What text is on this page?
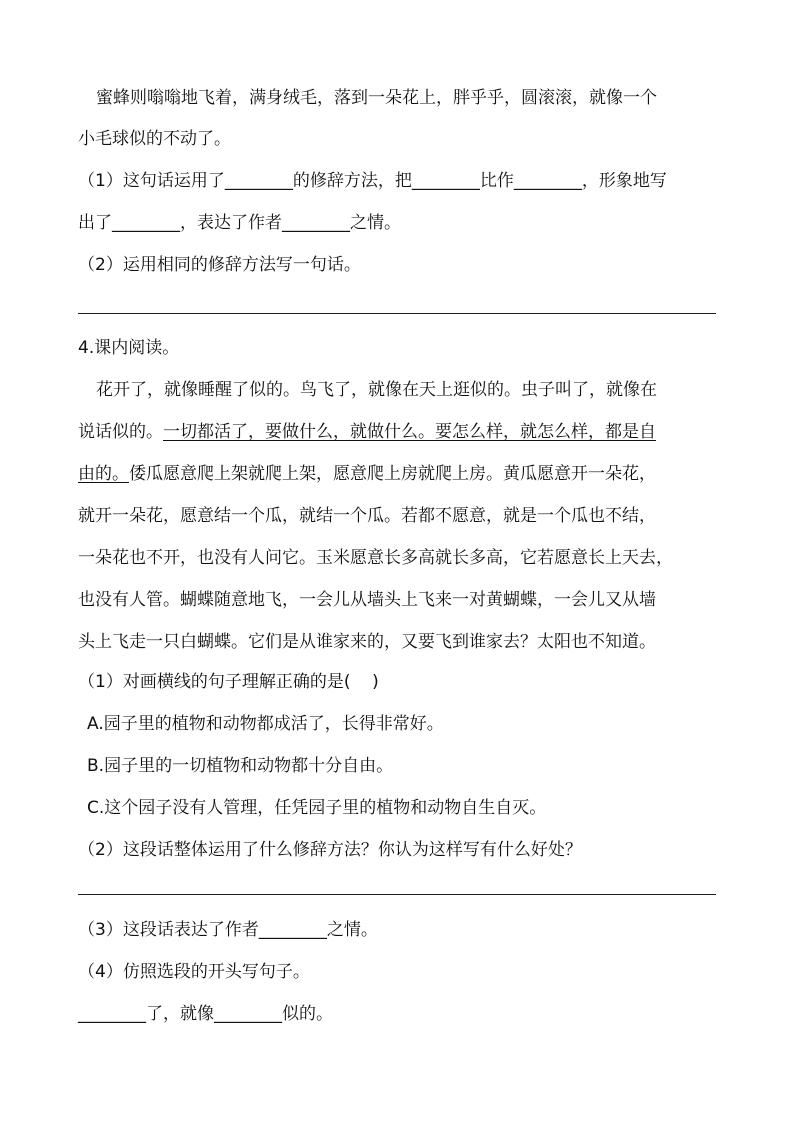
蜜蜂则嗡嗡地飞着，满身绒毛，落到一朵花上，胖乎乎，圆滚滚，就像一个
小毛球似的不动了。
（1）这句话运用了________的修辞方法，把________比作________，形象地写
出了________，表达了作者________之情。
（2）运用相同的修辞方法写一句话。
4.课内阅读。
花开了，就像睡醒了似的。鸟飞了，就像在天上逛似的。虫子叫了，就像在
说话似的。一切都活了，要做什么，就做什么。要怎么样，就怎么样，都是自
由的。倭瓜愿意爬上架就爬上架，愿意爬上房就爬上房。黄瓜愿意开一朵花，
就开一朵花，愿意结一个瓜，就结一个瓜。若都不愿意，就是一个瓜也不结，
一朵花也不开，也没有人问它。玉米愿意长多高就长多高，它若愿意长上天去，
也没有人管。蝴蝶随意地飞，一会儿从墙头上飞来一对黄蝴蝶，一会儿又从墙
头上飞走一只白蝴蝶。它们是从谁家来的，又要飞到谁家去？太阳也不知道。
（1）对画横线的句子理解正确的是(    )
A.园子里的植物和动物都成活了，长得非常好。
B.园子里的一切植物和动物都十分自由。
C.这个园子没有人管理，任凭园子里的植物和动物自生自灭。
（2）这段话整体运用了什么修辞方法？你认为这样写有什么好处？
（3）这段话表达了作者________之情。
（4）仿照选段的开头写句子。
________了，就像________似的。
